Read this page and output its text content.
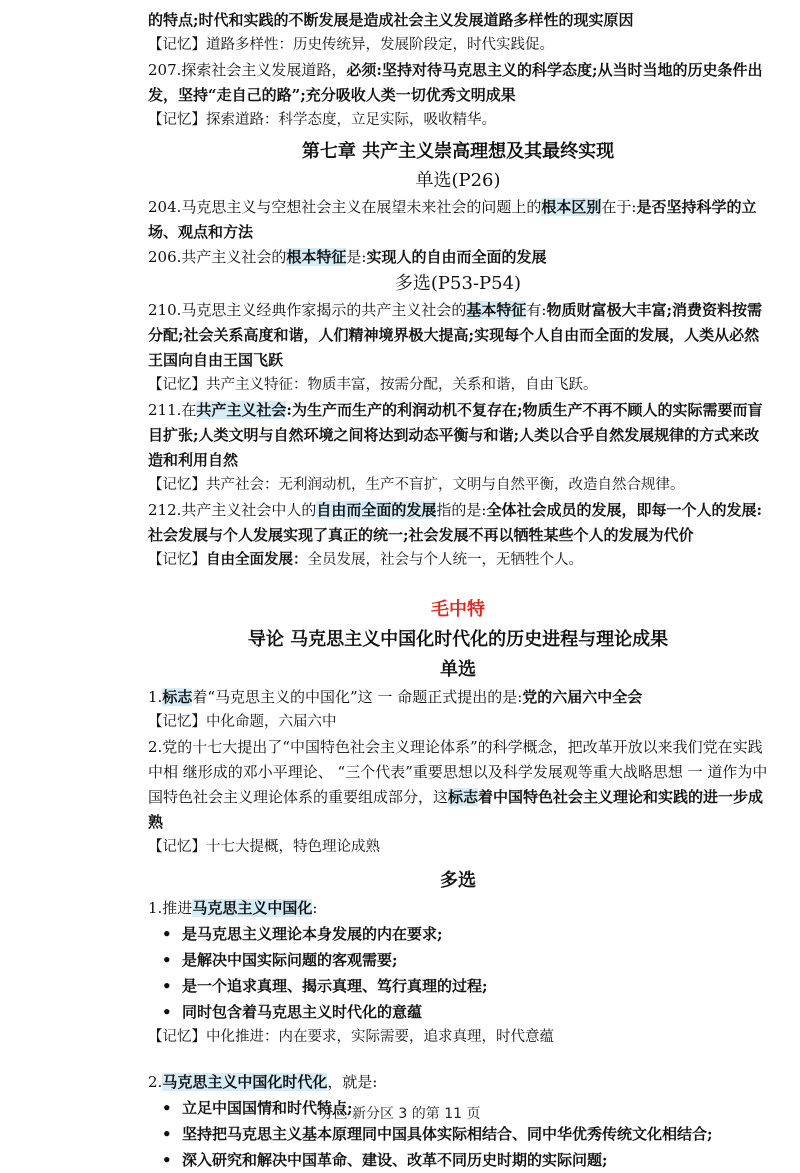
的特点;时代和实践的不断发展是造成社会主义发展道路多样性的现实原因

【记忆】道路多样性：历史传统异，发展阶段定，时代实践促。

207.探索社会主义发展道路，必须:坚持对待马克思主义的科学态度;从当时当地的历史条件出发，坚持“走自己的路”;充分吸收人类一切优秀文明成果

【记忆】探索道路：科学态度，立足实际，吸收精华。

第七章 共产主义崇高理想及其最终实现

单选(P26)

204.马克思主义与空想社会主义在展望未来社会的问题上的根本区别在于:是否坚持科学的立场、观点和方法

206.共产主义社会的根本特征是:实现人的自由而全面的发展

多选(P53-P54)

210.马克思主义经典作家揭示的共产主义社会的基本特征有:物质财富极大丰富;消费资料按需分配;社会关系高度和谐，人们精神境界极大提高;实现每个人自由而全面的发展，人类从必然王国向自由王国飞跃

【记忆】共产主义特征：物质丰富，按需分配，关系和谐，自由飞跃。

211.在共产主义社会:为生产而生产的利润动机不复存在;物质生产不再不顾人的实际需要而盲目扩张;人类文明与自然环境之间将达到动态平衡与和谐;人类以合乎自然发展规律的方式来改造和利用自然

【记忆】共产社会：无利润动机，生产不盲扩，文明与自然平衡，改造自然合规律。

212.共产主义社会中人的自由而全面的发展指的是:全体社会成员的发展，即每一个人的发展:社会发展与个人发展实现了真正的统一;社会发展不再以牺牲某些个人的发展为代价

【记忆】自由全面发展：全员发展，社会与个人统一，无牺牲个人。

毛中特

导论 马克思主义中国化时代化的历史进程与理论成果

单选

1.标志着“马克思主义的中国化”这 一 命题正式提出的是:党的六届六中全会

【记忆】中化命题，六届六中

2.党的十七大提出了“中国特色社会主义理论体系”的科学概念，把改革开放以来我们党在实践中相 继形成的邓小平理论、 “三个代表”重要思想以及科学发展观等重大战略思想 一 道作为中国特色社会主义理论体系的重要组成部分，这标志着中国特色社会主义理论和实践的进一步成熟

【记忆】十七大提概，特色理论成熟

多选

1.推进马克思主义中国化:

• 是马克思主义理论本身发展的内在要求;
• 是解决中国实际问题的客观需要;
• 是一个追求真理、揭示真理、笃行真理的过程;
• 同时包含着马克思主义时代化的意蕴

【记忆】中化推进：内在要求，实际需要，追求真理，时代意蕴

2.马克思主义中国化时代化，就是:

• 立足中国国情和时代特点;
• 坚持把马克思主义基本原理同中国具体实际相结合、同中华优秀传统文化相结合;
• 深入研究和解决中国革命、建设、改革不同历史时期的实际问题;
分区 新分区 3 的第 11 页
